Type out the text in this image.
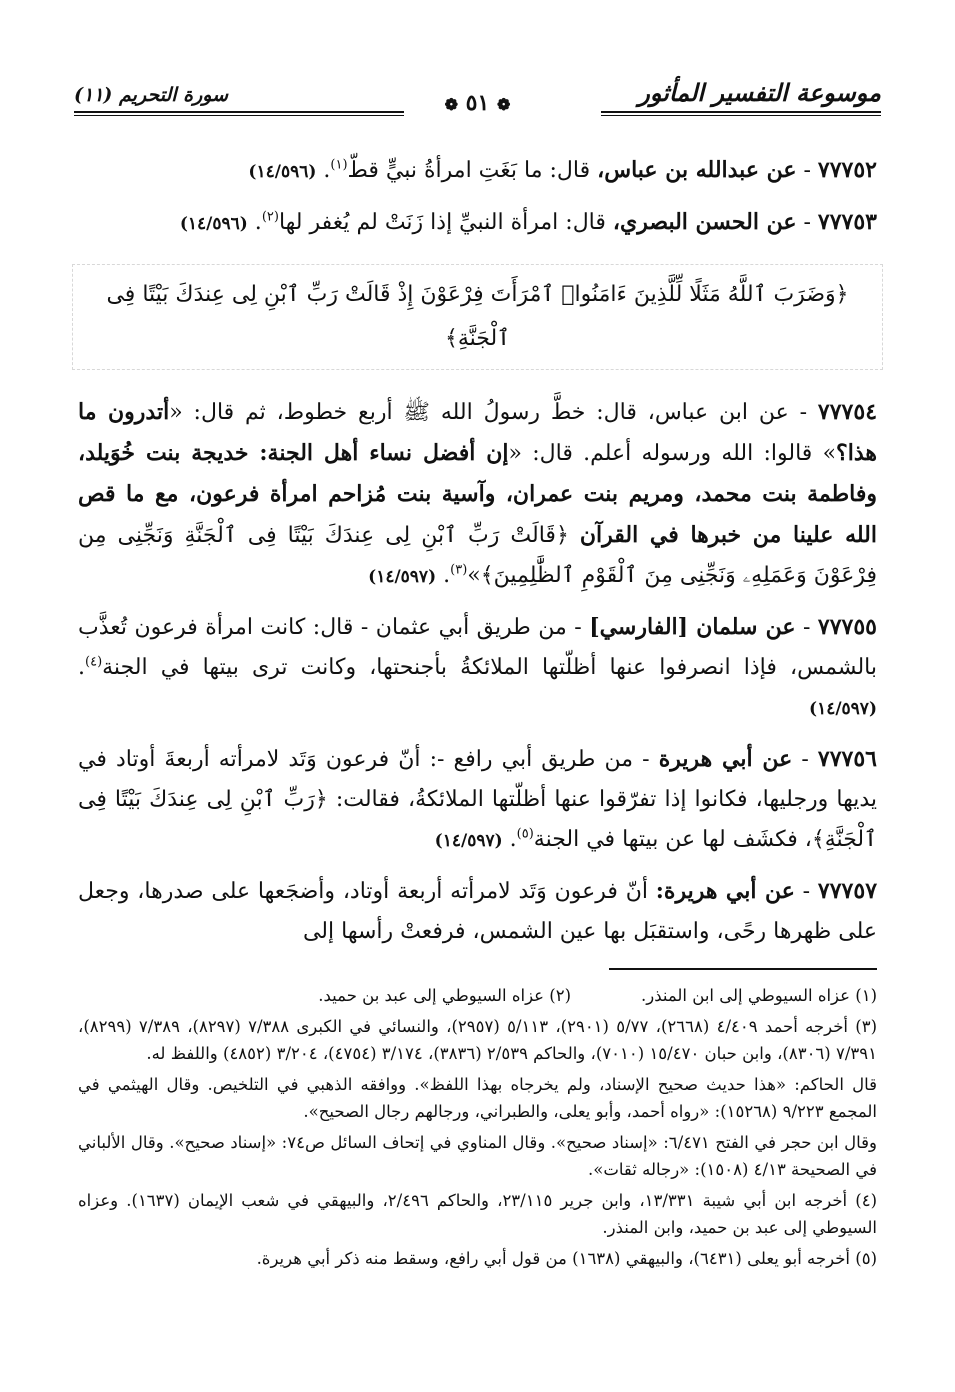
موسوعة التفسير المأثور
❁ ٥١ ❁
سورة التحريم (١١)

٧٧٧٥٢ - عن عبدالله بن عباس، قال: ما بَغَتِ امرأةُ نبيٍّ قطّ$^{(١)}$. (١٤/٥٩٦)

٧٧٧٥٣ - عن الحسن البصري، قال: امرأة النبيِّ إذا زَنَتْ لم يُغفر لها$^{(٢)}$. (١٤/٥٩٦)

﴿وَضَرَبَ ٱللَّهُ مَثَلًا لِّلَّذِينَ ءَامَنُوا۟ ٱمْرَأَتَ فِرْعَوْنَ إِذْ قَالَتْ رَبِّ ٱبْنِ لِى عِندَكَ بَيْتًا فِى
ٱلْجَنَّةِ﴾

٧٧٧٥٤ - عن ابن عباس، قال: خطَّ رسولُ الله ﷺ أربع خطوط، ثم قال: «أتدرون ما هذا؟» قالوا: الله ورسوله أعلم. قال: «إن أفضل نساء أهل الجنة: خديجة بنت خُوَيلد، وفاطمة بنت محمد، ومريم بنت عمران، وآسية بنت مُزاحم امرأة فرعون، مع ما قص الله علينا من خبرها في القرآن ﴿قَالَتْ رَبِّ ٱبْنِ لِى عِندَكَ بَيْتًا فِى ٱلْجَنَّةِ وَنَجِّنِى مِن فِرْعَوْنَ وَعَمَلِهِۦ وَنَجِّنِى مِنَ ٱلْقَوْمِ ٱلظَّٰلِمِينَ﴾»$^{(٣)}$. (١٤/٥٩٧)

٧٧٧٥٥ - عن سلمان [الفارسي] - من طريق أبي عثمان - قال: كانت امرأة فرعون تُعذَّب بالشمس، فإذا انصرفوا عنها أظلّتها الملائكةُ بأجنحتها، وكانت ترى بيتها في الجنة$^{(٤)}$. (١٤/٥٩٧)

٧٧٧٥٦ - عن أبي هريرة - من طريق أبي رافع -: أنّ فرعون وَتَد لامرأته أربعةَ أوتاد في يديها ورجليها، فكانوا إذا تفرّقوا عنها أظلّتها الملائكةُ، فقالت: ﴿رَبِّ ٱبْنِ لِى عِندَكَ بَيْتًا فِى ٱلْجَنَّةِ﴾، فكشَف لها عن بيتها في الجنة$^{(٥)}$. (١٤/٥٩٧)

٧٧٧٥٧ - عن أبي هريرة: أنّ فرعون وَتَد لامرأته أربعة أوتاد، وأضجَعها على صدرها، وجعل على ظهرها رحًى، واستقبَل بها عين الشمس، فرفعتْ رأسها إلى

(١) عزاه السيوطي إلى ابن المنذر.
(٢) عزاه السيوطي إلى عبد بن حميد.

(٣) أخرجه أحمد ٤/٤٠٩ (٢٦٦٨)، ٥/٧٧ (٢٩٠١)، ٥/١١٣ (٢٩٥٧)، والنسائي في الكبرى ٧/٣٨٨ (٨٢٩٧)، ٧/٣٨٩ (٨٢٩٩)، ٧/٣٩١ (٨٣٠٦)، وابن حبان ١٥/٤٧٠ (٧٠١٠)، والحاكم ٢/٥٣٩ (٣٨٣٦)، ٣/١٧٤ (٤٧٥٤)، ٣/٢٠٤ (٤٨٥٢) واللفظ له.

قال الحاكم: «هذا حديث صحيح الإسناد، ولم يخرجاه بهذا اللفظ». ووافقه الذهبي في التلخيص. وقال الهيثمي في المجمع ٩/٢٢٣ (١٥٢٦٨): «رواه أحمد، وأبو يعلى، والطبراني، ورجالهم رجال الصحيح».

وقال ابن حجر في الفتح ٦/٤٧١: «إسناد صحيح». وقال المناوي في إتحاف السائل ص٧٤: «إسناد صحيح». وقال الألباني في الصحيحة ٤/١٣ (١٥٠٨): «رجاله ثقات».

(٤) أخرجه ابن أبي شيبة ١٣/٣٣١، وابن جرير ٢٣/١١٥، والحاكم ٢/٤٩٦، والبيهقي في شعب الإيمان (١٦٣٧). وعزاه السيوطي إلى عبد بن حميد، وابن المنذر.

(٥) أخرجه أبو يعلى (٦٤٣١)، والبيهقي (١٦٣٨) من قول أبي رافع، وسقط منه ذكر أبي هريرة.
